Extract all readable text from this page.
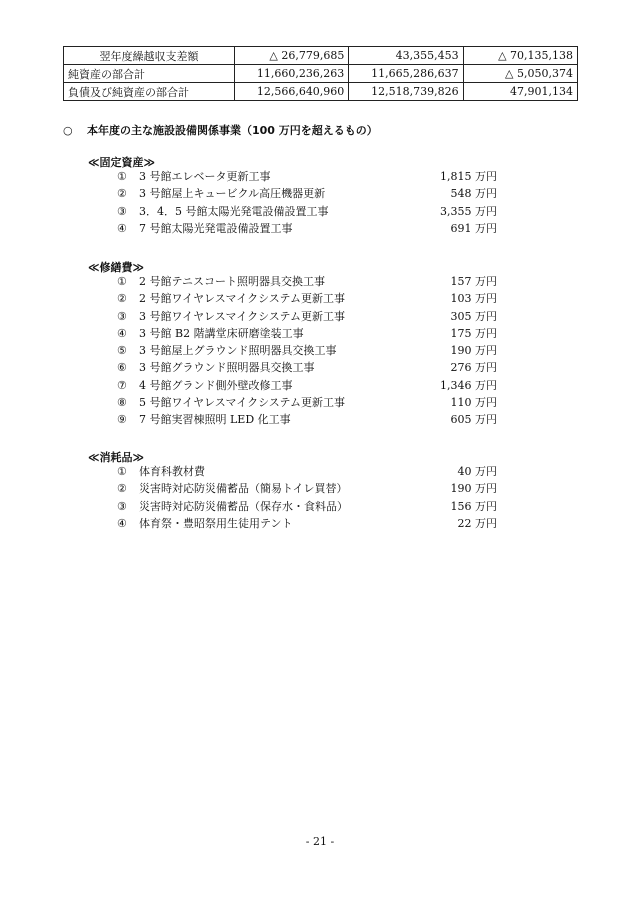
翌年度繰越収支差額	△ 26,779,685	43,355,453	△ 70,135,138
純資産の部合計	11,660,236,263	11,665,286,637	△ 5,050,374
負債及び純資産の部合計	12,566,640,960	12,518,739,826	47,901,134
○ 本年度の主な施設設備関係事業（100 万円を超えるもの）
≪固定資産≫
① 3 号館エレベータ更新工事	1,815 万円
② 3 号館屋上キュービクル高圧機器更新	548 万円
③ 3．4．5 号館太陽光発電設備設置工事	3,355 万円
④ 7 号館太陽光発電設備設置工事	691 万円
≪修繕費≫
① 2 号館テニスコート照明器具交換工事	157 万円
② 2 号館ワイヤレスマイクシステム更新工事	103 万円
③ 3 号館ワイヤレスマイクシステム更新工事	305 万円
④ 3 号館 B2 階講堂床研磨塗装工事	175 万円
⑤ 3 号館屋上グラウンド照明器具交換工事	190 万円
⑥ 3 号館グラウンド照明器具交換工事	276 万円
⑦ 4 号館グランド側外壁改修工事	1,346 万円
⑧ 5 号館ワイヤレスマイクシステム更新工事	110 万円
⑨ 7 号館実習棟照明 LED 化工事	605 万円
≪消耗品≫
① 体育科教材費	40 万円
② 災害時対応防災備蓄品（簡易トイレ買替）	190 万円
③ 災害時対応防災備蓄品（保存水・食料品）	156 万円
④ 体育祭・豊昭祭用生徒用テント	22 万円
- 21 -
